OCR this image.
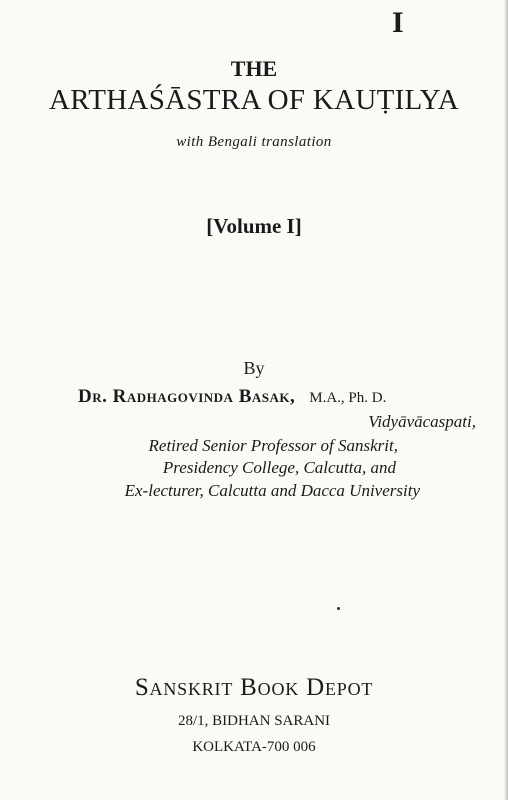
I
THE
ARTHAŚĀSTRA OF KAUṬILYA
with Bengali translation
[Volume I]
By
Dr. Radhagovinda Basak, M.A., Ph. D.
Vidyāvācaspati,
Retired Senior Professor of Sanskrit,
Presidency College, Calcutta, and
Ex-lecturer, Calcutta and Dacca University
Sanskrit Book Depot
28/1, BIDHAN SARANI
KOLKATA-700 006
